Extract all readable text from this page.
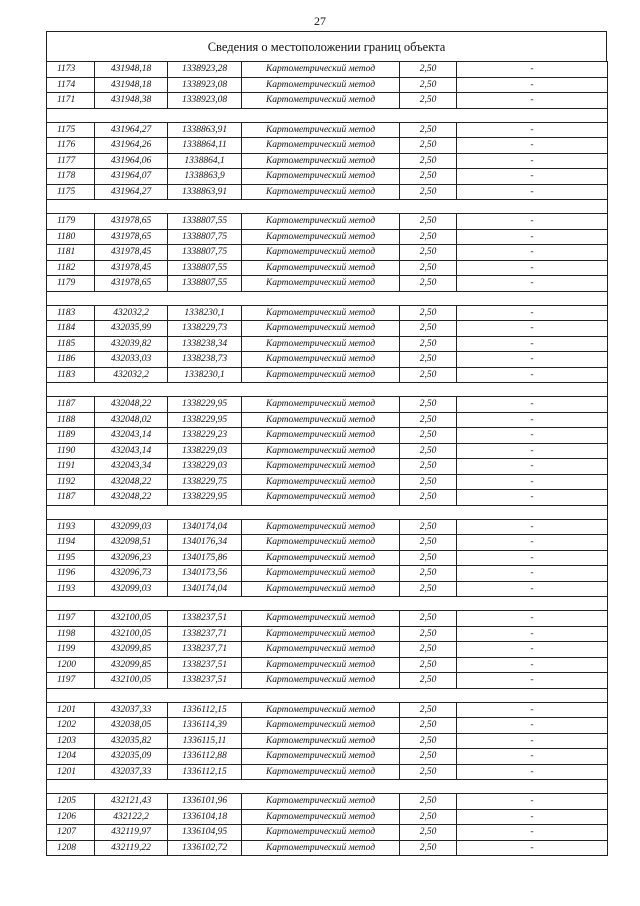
27
Сведения о местоположении границ объекта
1173	431948,18	1338923,28	Картометрический метод	2,50	-
1174	431948,18	1338923,08	Картометрический метод	2,50	-
1171	431948,38	1338923,08	Картометрический метод	2,50	-

1175	431964,27	1338863,91	Картометрический метод	2,50	-
1176	431964,26	1338864,11	Картометрический метод	2,50	-
1177	431964,06	1338864,1	Картометрический метод	2,50	-
1178	431964,07	1338863,9	Картометрический метод	2,50	-
1175	431964,27	1338863,91	Картометрический метод	2,50	-

1179	431978,65	1338807,55	Картометрический метод	2,50	-
1180	431978,65	1338807,75	Картометрический метод	2,50	-
1181	431978,45	1338807,75	Картометрический метод	2,50	-
1182	431978,45	1338807,55	Картометрический метод	2,50	-
1179	431978,65	1338807,55	Картометрический метод	2,50	-

1183	432032,2	1338230,1	Картометрический метод	2,50	-
1184	432035,99	1338229,73	Картометрический метод	2,50	-
1185	432039,82	1338238,34	Картометрический метод	2,50	-
1186	432033,03	1338238,73	Картометрический метод	2,50	-
1183	432032,2	1338230,1	Картометрический метод	2,50	-

1187	432048,22	1338229,95	Картометрический метод	2,50	-
1188	432048,02	1338229,95	Картометрический метод	2,50	-
1189	432043,14	1338229,23	Картометрический метод	2,50	-
1190	432043,14	1338229,03	Картометрический метод	2,50	-
1191	432043,34	1338229,03	Картометрический метод	2,50	-
1192	432048,22	1338229,75	Картометрический метод	2,50	-
1187	432048,22	1338229,95	Картометрический метод	2,50	-

1193	432099,03	1340174,04	Картометрический метод	2,50	-
1194	432098,51	1340176,34	Картометрический метод	2,50	-
1195	432096,23	1340175,86	Картометрический метод	2,50	-
1196	432096,73	1340173,56	Картометрический метод	2,50	-
1193	432099,03	1340174,04	Картометрический метод	2,50	-

1197	432100,05	1338237,51	Картометрический метод	2,50	-
1198	432100,05	1338237,71	Картометрический метод	2,50	-
1199	432099,85	1338237,71	Картометрический метод	2,50	-
1200	432099,85	1338237,51	Картометрический метод	2,50	-
1197	432100,05	1338237,51	Картометрический метод	2,50	-

1201	432037,33	1336112,15	Картометрический метод	2,50	-
1202	432038,05	1336114,39	Картометрический метод	2,50	-
1203	432035,82	1336115,11	Картометрический метод	2,50	-
1204	432035,09	1336112,88	Картометрический метод	2,50	-
1201	432037,33	1336112,15	Картометрический метод	2,50	-

1205	432121,43	1336101,96	Картометрический метод	2,50	-
1206	432122,2	1336104,18	Картометрический метод	2,50	-
1207	432119,97	1336104,95	Картометрический метод	2,50	-
1208	432119,22	1336102,72	Картометрический метод	2,50	-
